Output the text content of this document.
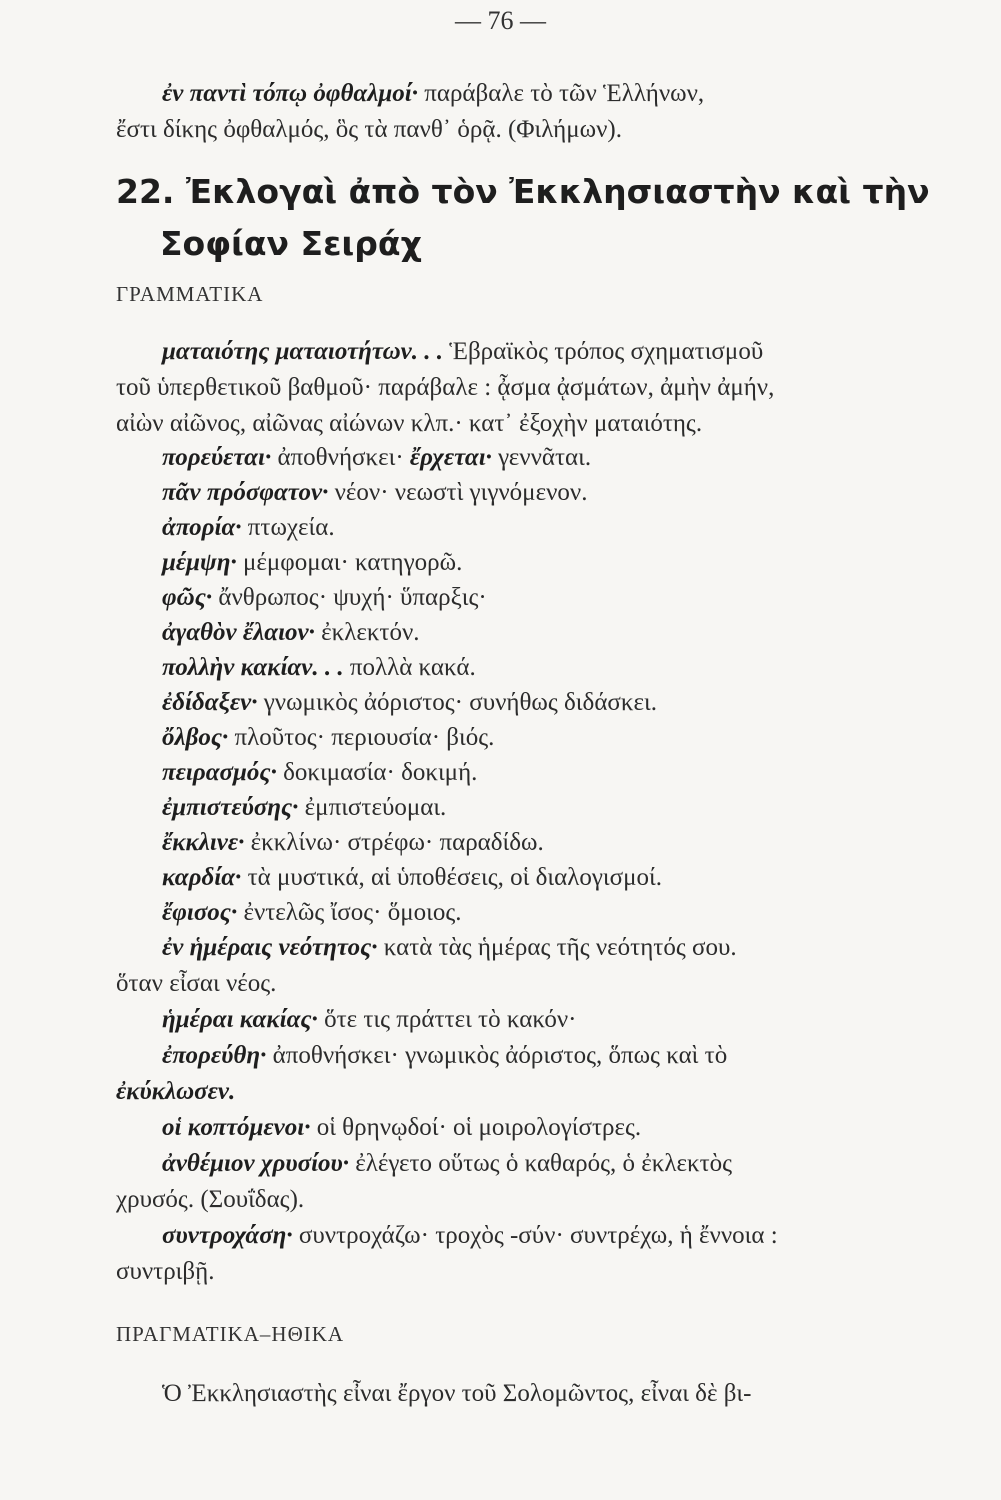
— 76 —
ἐν παντὶ τόπῳ ὀφθαλμοί· παράβαλε τὸ τῶν Ἑλλήνων,
ἔστι δίκης ὀφθαλμός, ὃς τὰ πανθ᾽ ὁρᾷ. (Φιλήμων).
22. Ἐκλογαὶ ἀπὸ τὸν Ἐκκλησιαστὴν καὶ τὴν
Σοφίαν Σειράχ
ΓΡΑΜΜΑΤΙΚΑ
ματαιότης ματαιοτήτων. . . Ἑβραϊκὸς τρόπος σχηματισμοῦ
τοῦ ὑπερθετικοῦ βαθμοῦ· παράβαλε : ᾆσμα ᾀσμάτων, ἀμὴν ἀμήν,
αἰὼν αἰῶνος, αἰῶνας αἰώνων κλπ.· κατ᾽ ἐξοχὴν ματαιότης.
πορεύεται· ἀποθνήσκει· ἔρχεται· γεννᾶται.
πᾶν πρόσφατον· νέον· νεωστὶ γιγνόμενον.
ἀπορία· πτωχεία.
μέμψη· μέμφομαι· κατηγορῶ.
φῶς· ἄνθρωπος· ψυχή· ὕπαρξις·
ἀγαθὸν ἔλαιον· ἐκλεκτόν.
πολλὴν κακίαν. . . πολλὰ κακά.
ἐδίδαξεν· γνωμικὸς ἀόριστος· συνήθως διδάσκει.
ὄλβος· πλοῦτος· περιουσία· βιός.
πειρασμός· δοκιμασία· δοκιμή.
ἐμπιστεύσης· ἐμπιστεύομαι.
ἔκκλινε· ἐκκλίνω· στρέφω· παραδίδω.
καρδία· τὰ μυστικά, αἱ ὑποθέσεις, οἱ διαλογισμοί.
ἔφισος· ἐντελῶς ἴσος· ὅμοιος.
ἐν ἡμέραις νεότητος· κατὰ τὰς ἡμέρας τῆς νεότητός σου.
ὅταν εἶσαι νέος.
ἡμέραι κακίας· ὅτε τις πράττει τὸ κακόν·
ἐπορεύθη· ἀποθνήσκει· γνωμικὸς ἀόριστος, ὅπως καὶ τὸ
ἐκύκλωσεν.
οἱ κοπτόμενοι· οἱ θρηνῳδοί· οἱ μοιρολογίστρες.
ἀνθέμιον χρυσίου· ἐλέγετο οὕτως ὁ καθαρός, ὁ ἐκλεκτὸς
χρυσός. (Σουΐδας).
συντροχάση· συντροχάζω· τροχὸς -σύν· συντρέχω, ἡ ἔννοια :
συντριβῇ.
ΠΡΑΓΜΑΤΙΚΑ–ΗΘΙΚΑ
Ὁ Ἐκκλησιαστὴς εἶναι ἔργον τοῦ Σολομῶντος, εἶναι δὲ βι-
